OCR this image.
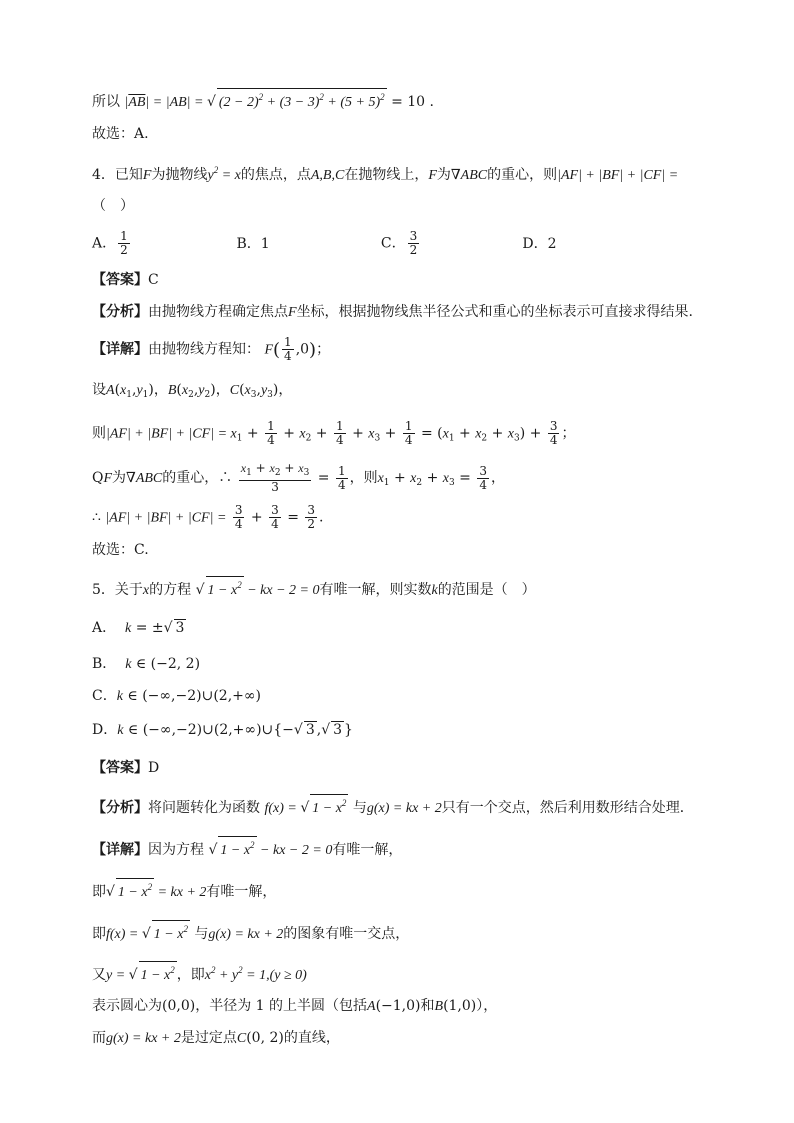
所以 $|\overline{AB}| = |AB|$ = √ $(2 - 2)^2 + (3 - 3)^2 + (5 + 5)^2 = 10$ .
故选：A.
4．已知F为抛物线$y^2 = x$的焦点，点A,B,C在抛物线上，F为∇ABC的重心，则|AF| + |BF| + |CF| =
（　）
A． $\frac{1}{2}$	B．1	C． $\frac{3}{2}$	D．2
【答案】C
【分析】由抛物线方程确定焦点F坐标，根据抛物线焦半径公式和重心的坐标表示可直接求得结果.
【详解】由抛物线方程知： $F( \frac{1}{4} ,0)$；
设$A(x_1,y_1)$，$B(x_2,y_2)$，$C(x_3,y_3)$，
则$|AF| + |BF| + |CF| = x_1 + \frac{1}{4} + x_2 + \frac{1}{4} + x_3 + \frac{1}{4} = (x_1 + x_2 + x_3) + \frac{3}{4}$ ；
QF为∇ABC的重心，∴ $\frac{x_1 + x_2 + x_3}{3} = \frac{1}{4}$ ，则$x_1 + x_2 + x_3 = \frac{3}{4}$ ，
∴ $|AF| + |BF| + |CF| = \frac{3}{4} + \frac{3}{4} = \frac{3}{2}$ .
故选：C.
5．关于x的方程 √ $1 - x^2$ − kx − 2 = 0有唯一解，则实数k的范围是（　）
A． k = ±√ 3
B． k ∈ (−2, 2)
C．k ∈ (−∞,−2)∪(2,+∞)
D．k ∈ (−∞,−2)∪(2,+∞)∪{−√ 3 ,√ 3 }
【答案】D
【分析】将问题转化为函数 f(x) = √ $1 - x^2$ 与g(x) = kx + 2只有一个交点，然后利用数形结合处理．
【详解】因为方程 √ $1 - x^2$ − kx − 2 = 0有唯一解，
即√ $1 - x^2$ = kx + 2有唯一解，
即f(x) = √ $1 - x^2$ 与g(x) = kx + 2的图象有唯一交点，
又y = √ $1 - x^2$ ，即$x^2 + y^2 = 1,(y \ge 0)$
表示圆心为(0,0)，半径为 1 的上半圆（包括A(−1,0)和B(1,0)），
而g(x) = kx + 2是过定点C(0, 2)的直线，
